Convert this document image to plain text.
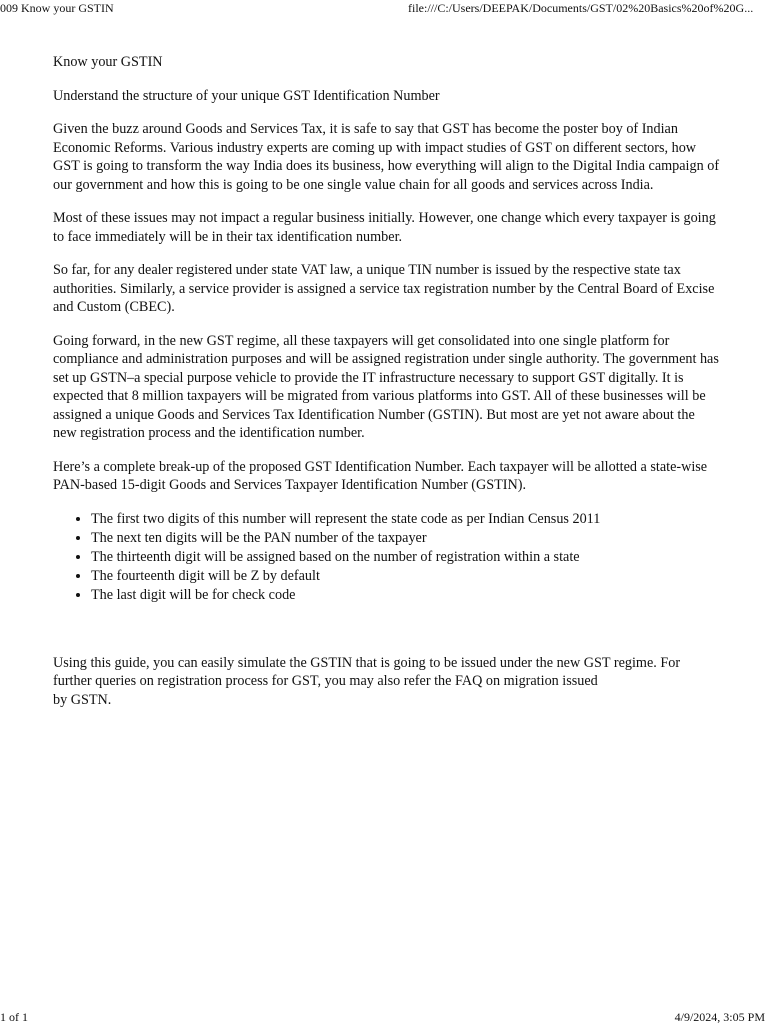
009 Know your GSTIN	file:///C:/Users/DEEPAK/Documents/GST/02%20Basics%20of%20G...

Know your GSTIN

Understand the structure of your unique GST Identification Number

Given the buzz around Goods and Services Tax, it is safe to say that GST has become the poster boy of Indian Economic Reforms. Various industry experts are coming up with impact studies of GST on different sectors, how GST is going to transform the way India does its business, how everything will align to the Digital India campaign of our government and how this is going to be one single value chain for all goods and services across India.

Most of these issues may not impact a regular business initially. However, one change which every taxpayer is going to face immediately will be in their tax identification number.

So far, for any dealer registered under state VAT law, a unique TIN number is issued by the respective state tax authorities. Similarly, a service provider is assigned a service tax registration number by the Central Board of Excise and Custom (CBEC).

Going forward, in the new GST regime, all these taxpayers will get consolidated into one single platform for compliance and administration purposes and will be assigned registration under single authority. The government has set up GSTN–a special purpose vehicle to provide the IT infrastructure necessary to support GST digitally. It is expected that 8 million taxpayers will be migrated from various platforms into GST. All of these businesses will be assigned a unique Goods and Services Tax Identification Number (GSTIN). But most are yet not aware about the new registration process and the identification number.

Here’s a complete break-up of the proposed GST Identification Number. Each taxpayer will be allotted a state-wise PAN-based 15-digit Goods and Services Taxpayer Identification Number (GSTIN).

• The first two digits of this number will represent the state code as per Indian Census 2011
• The next ten digits will be the PAN number of the taxpayer
• The thirteenth digit will be assigned based on the number of registration within a state
• The fourteenth digit will be Z by default
• The last digit will be for check code

Using this guide, you can easily simulate the GSTIN that is going to be issued under the new GST regime. For further queries on registration process for GST, you may also refer the FAQ on migration issued
by GSTN.

1 of 1	4/9/2024, 3:05 PM
